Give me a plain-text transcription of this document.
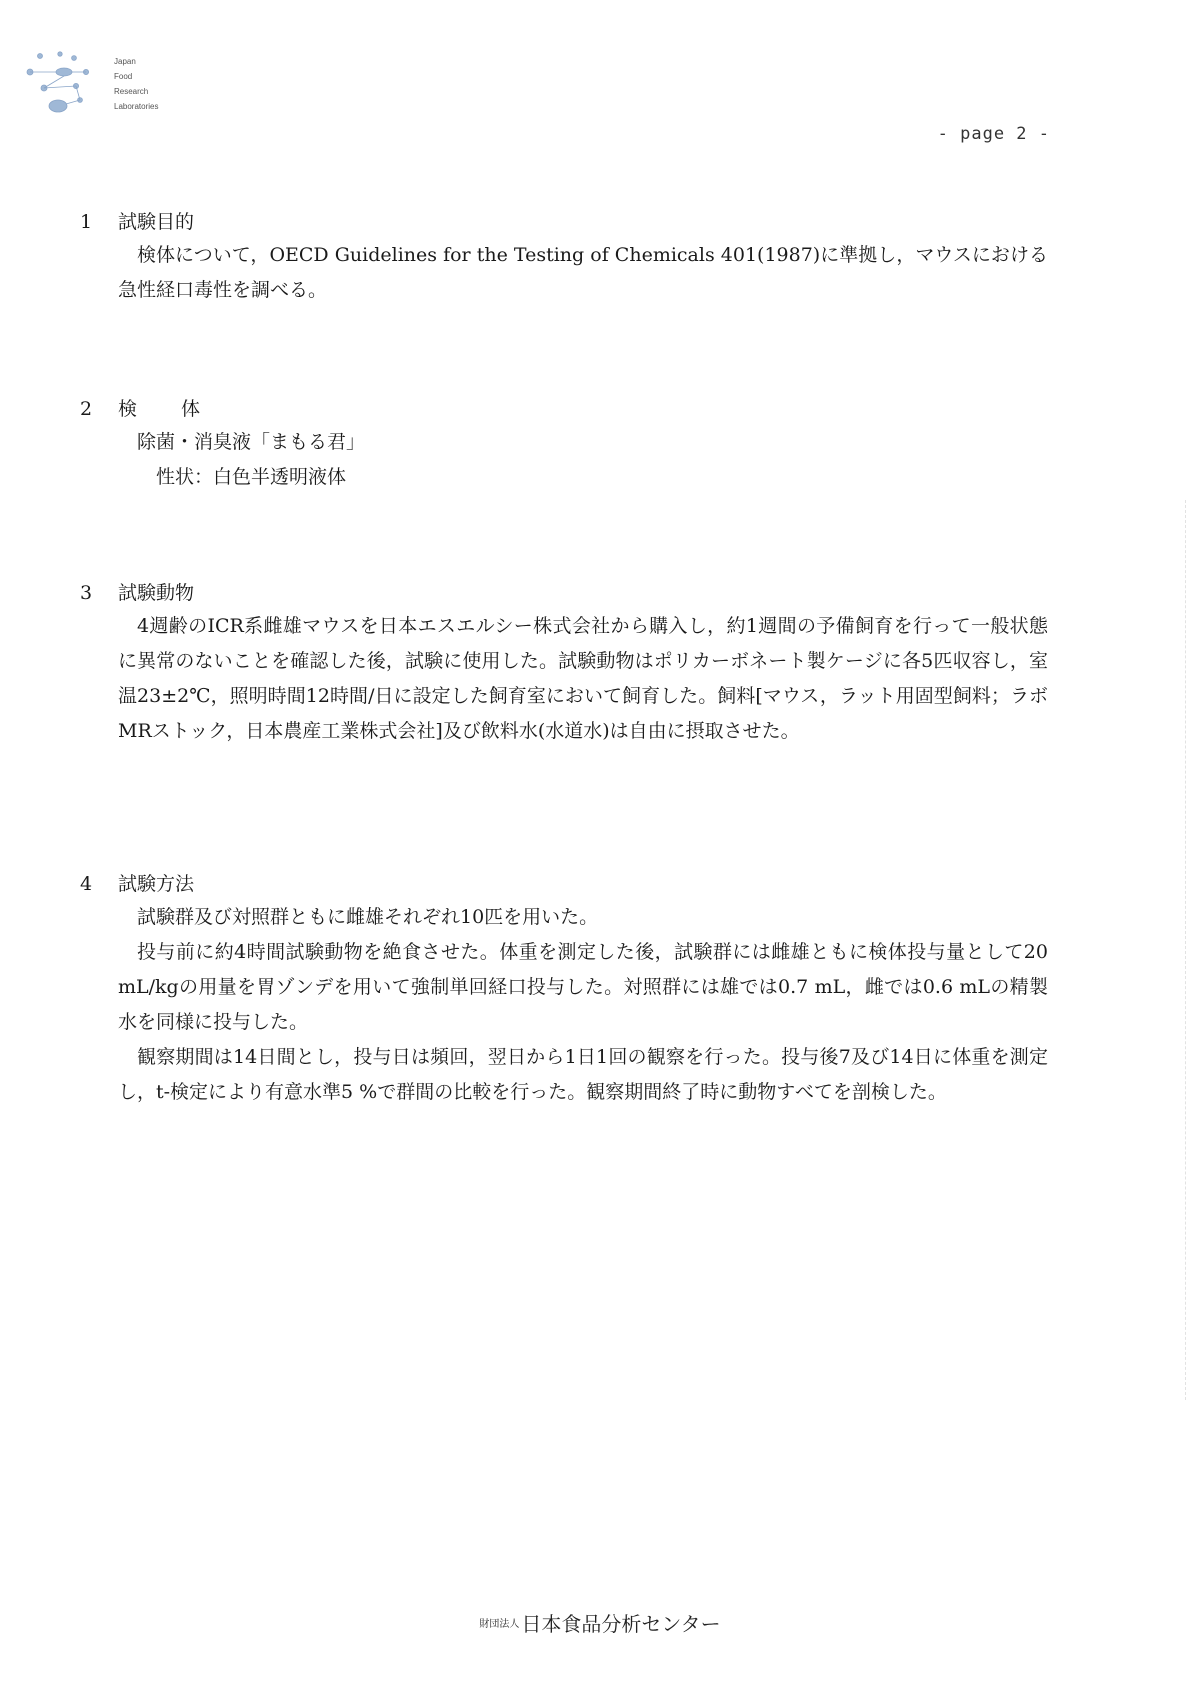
Japan
Food
Research
Laboratories
- page 2 -
1	試験目的

検体について，OECD Guidelines for the Testing of Chemicals 401(1987)に準拠し，マウスにおける急性経口毒性を調べる。

2	検体

除菌・消臭液「まもる君」

性状：白色半透明液体

3	試験動物

4週齢のICR系雌雄マウスを日本エスエルシー株式会社から購入し，約1週間の予備飼育を行って一般状態に異常のないことを確認した後，試験に使用した。試験動物はポリカーボネート製ケージに各5匹収容し，室温23±2℃，照明時間12時間/日に設定した飼育室において飼育した。飼料[マウス，ラット用固型飼料；ラボMRストック，日本農産工業株式会社]及び飲料水(水道水)は自由に摂取させた。

4	試験方法

試験群及び対照群ともに雌雄それぞれ10匹を用いた。

投与前に約4時間試験動物を絶食させた。体重を測定した後，試験群には雌雄ともに検体投与量として20 mL/kgの用量を胃ゾンデを用いて強制単回経口投与した。対照群には雄では0.7 mL，雌では0.6 mLの精製水を同様に投与した。

観察期間は14日間とし，投与日は頻回，翌日から1日1回の観察を行った。投与後7及び14日に体重を測定し，t-検定により有意水準5 %で群間の比較を行った。観察期間終了時に動物すべてを剖検した。

$^{財団法人}$ 日本食品分析センター
